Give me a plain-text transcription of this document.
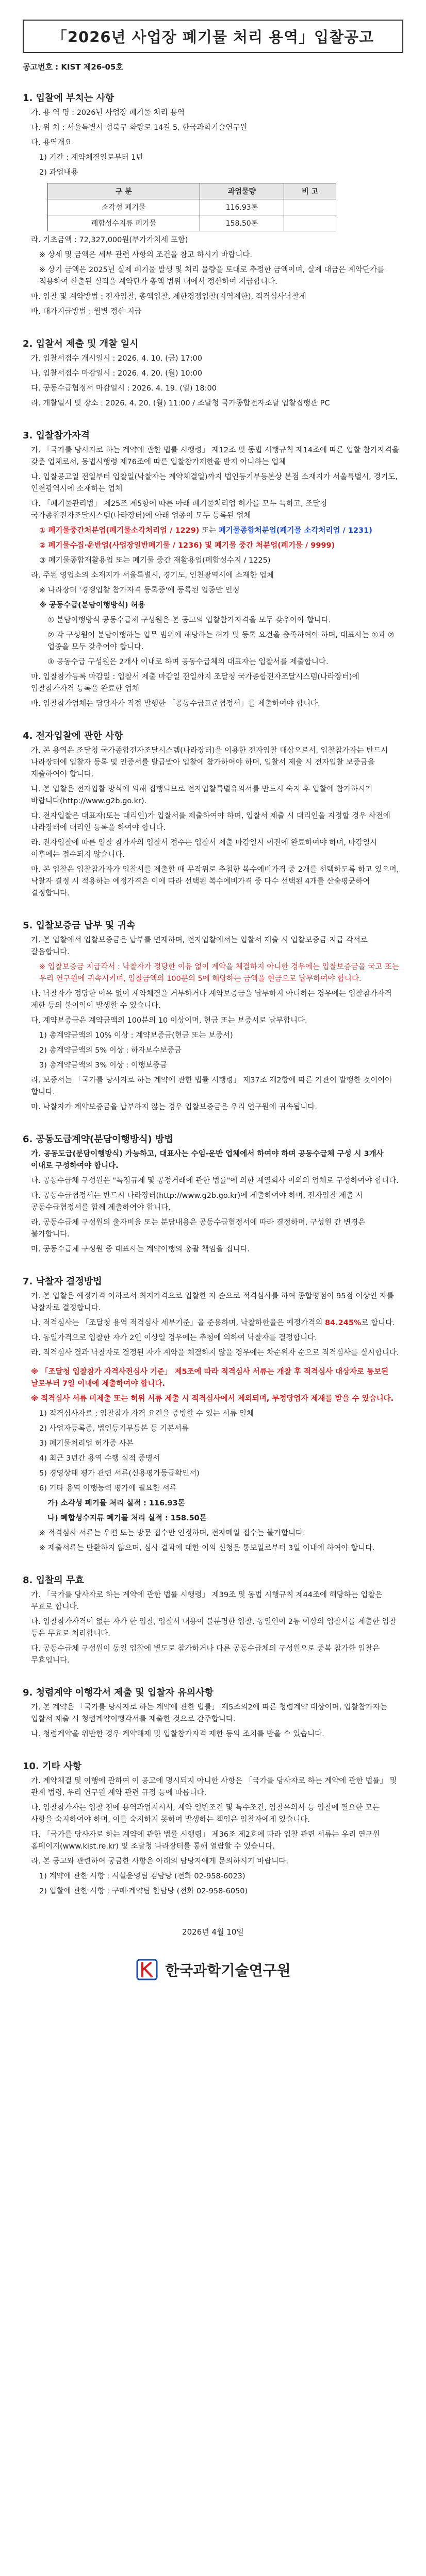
「2026년 사업장 폐기물 처리 용역」입찰공고
공고번호 : KIST 제26-05호
1. 입찰에 부치는 사항

가. 용 역 명 : 2026년 사업장 폐기물 처리 용역

나. 위 치 : 서울특별시 성북구 화랑로 14길 5, 한국과학기술연구원

다. 용역개요

1) 기간 : 계약체결일로부터 1년

2) 과업내용

구 분	과업물량	비 고
소각성 폐기물	116.93톤	
폐합성수지류 폐기물	158.50톤	

라. 기초금액 : 72,327,000원(부가가치세 포함)

※ 상세 및 금액은 세부 관련 사항의 조건을 참고 하시기 바랍니다.

※ 상기 금액은 2025년 실제 폐기물 발생 및 처리 물량을 토대로 추정한 금액이며, 실제 대금은 계약단가를 적용하여 산출된 실적을 계약단가 총액 범위 내에서 정산하여 지급합니다.

마. 입찰 및 계약방법 : 전자입찰, 총액입찰, 제한경쟁입찰(지역제한), 적격심사낙찰제

바. 대가지급방법 : 월별 정산 지급

2. 입찰서 제출 및 개찰 일시

가. 입찰서접수 개시일시 : 2026. 4. 10. (금) 17:00

나. 입찰서접수 마감일시 : 2026. 4. 20. (월) 10:00

다. 공동수급협정서 마감일시 : 2026. 4. 19. (일) 18:00

라. 개찰일시 및 장소 : 2026. 4. 20. (월) 11:00 / 조달청 국가종합전자조달 입찰집행관 PC

3. 입찰참가자격

가. 「국가를 당사자로 하는 계약에 관한 법률 시행령」 제12조 및 동법 시행규칙 제14조에 따른 입찰 참가자격을 갖춘 업체로서, 동법시행령 제76조에 따른 입찰참가제한을 받지 아니하는 업체

나. 입찰공고일 전일부터 입찰일(낙찰자는 계약체결일)까지 법인등기부등본상 본점 소재지가 서울특별시, 경기도, 인천광역시에 소재하는 업체

다. 「폐기물관리법」 제25조 제5항에 따른 아래 폐기물처리업 허가를 모두 득하고, 조달청 국가종합전자조달시스템(나라장터)에 아래 업종이 모두 등록된 업체

① 폐기물중간처분업(폐기물소각처리업 / 1229) 또는 폐기물종합처분업(폐기물 소각처리업 / 1231)

② 폐기물수집·운반업(사업장일반폐기물 / 1236) 및 폐기물 중간 처분업(폐기물 / 9999)

③ 폐기물종합재활용업 또는 폐기물 중간 재활용업(폐합성수지 / 1225)

라. 주된 영업소의 소재지가 서울특별시, 경기도, 인천광역시에 소재한 업체

※ 나라장터 '경쟁입찰 참가자격 등록증'에 등록된 업종만 인정

※ 공동수급(분담이행방식) 허용

① 분담이행방식 공동수급체 구성원은 본 공고의 입찰참가자격을 모두 갖추어야 합니다.

② 각 구성원이 분담이행하는 업무 범위에 해당하는 허가 및 등록 요건을 충족하여야 하며, 대표사는 ①과 ② 업종을 모두 갖추어야 합니다.

③ 공동수급 구성원은 2개사 이내로 하며 공동수급체의 대표자는 입찰서를 제출합니다.

마. 입찰참가등록 마감일 : 입찰서 제출 마감일 전일까지 조달청 국가종합전자조달시스템(나라장터)에 입찰참가자격 등록을 완료한 업체

바. 입찰참가업체는 담당자가 직접 발행한 「공동수급표준협정서」를 제출하여야 합니다.

4. 전자입찰에 관한 사항

가. 본 용역은 조달청 국가종합전자조달시스템(나라장터)을 이용한 전자입찰 대상으로서, 입찰참가자는 반드시 나라장터에 입찰자 등록 및 인증서를 발급받아 입찰에 참가하여야 하며, 입찰서 제출 시 전자입찰 보증금을 제출하여야 합니다.

나. 본 입찰은 전자입찰 방식에 의해 집행되므로 전자입찰특별유의서를 반드시 숙지 후 입찰에 참가하시기 바랍니다(http://www.g2b.go.kr).

다. 전자입찰은 대표자(또는 대리인)가 입찰서를 제출하여야 하며, 입찰서 제출 시 대리인을 지정할 경우 사전에 나라장터에 대리인 등록을 하여야 합니다.

라. 전자입찰에 따른 입찰 참가자의 입찰서 접수는 입찰서 제출 마감일시 이전에 완료하여야 하며, 마감일시 이후에는 접수되지 않습니다.

마. 본 입찰은 입찰참가자가 입찰서를 제출할 때 무작위로 추첨한 복수예비가격 중 2개를 선택하도록 하고 있으며, 낙찰자 결정 시 적용하는 예정가격은 이에 따라 선택된 복수예비가격 중 다수 선택된 4개를 산술평균하여 결정합니다.

5. 입찰보증금 납부 및 귀속

가. 본 입찰에서 입찰보증금은 납부를 면제하며, 전자입찰에서는 입찰서 제출 시 입찰보증금 지급 각서로 갈음합니다.

※ 입찰보증금 지급각서 : 낙찰자가 정당한 이유 없이 계약을 체결하지 아니한 경우에는 입찰보증금을 국고 또는 우리 연구원에 귀속시키며, 입찰금액의 100분의 5에 해당하는 금액을 현금으로 납부하여야 합니다.

나. 낙찰자가 정당한 이유 없이 계약체결을 거부하거나 계약보증금을 납부하지 아니하는 경우에는 입찰참가자격 제한 등의 불이익이 발생할 수 있습니다.

다. 계약보증금은 계약금액의 100분의 10 이상이며, 현금 또는 보증서로 납부합니다.

1) 총계약금액의 10% 이상 : 계약보증금(현금 또는 보증서)

2) 총계약금액의 5% 이상 : 하자보수보증금

3) 총계약금액의 3% 이상 : 이행보증금

라. 보증서는 「국가를 당사자로 하는 계약에 관한 법률 시행령」 제37조 제2항에 따른 기관이 발행한 것이어야 합니다.

마. 낙찰자가 계약보증금을 납부하지 않는 경우 입찰보증금은 우리 연구원에 귀속됩니다.

6. 공동도급계약(분담이행방식) 방법

가. 공동도급(분담이행방식) 가능하고, 대표사는 수임·운반 업체에서 하여야 하며 공동수급체 구성 시 3개사 이내로 구성하여야 합니다.

나. 공동수급체 구성원은 "독점규제 및 공정거래에 관한 법률"에 의한 계열회사 이외의 업체로 구성하여야 합니다.

다. 공동수급협정서는 반드시 나라장터(http://www.g2b.go.kr)에 제출하여야 하며, 전자입찰 제출 시 공동수급협정서를 함께 제출하여야 합니다.

라. 공동수급체 구성원의 출자비율 또는 분담내용은 공동수급협정서에 따라 결정하며, 구성원 간 변경은 불가합니다.

마. 공동수급체 구성원 중 대표사는 계약이행의 총괄 책임을 집니다.

7. 낙찰자 결정방법

가. 본 입찰은 예정가격 이하로서 최저가격으로 입찰한 자 순으로 적격심사를 하여 종합평점이 95점 이상인 자를 낙찰자로 결정합니다.

나. 적격심사는 「조달청 용역 적격심사 세부기준」을 준용하며, 낙찰하한율은 예정가격의 84.245%로 합니다.

다. 동일가격으로 입찰한 자가 2인 이상일 경우에는 추첨에 의하여 낙찰자를 결정합니다.

라. 적격심사 결과 낙찰자로 결정된 자가 계약을 체결하지 않을 경우에는 차순위자 순으로 적격심사를 실시합니다.

※ 「조달청 입찰참가 자격사전심사 기준」 제5조에 따라 적격심사 서류는 개찰 후 적격심사 대상자로 통보된 날로부터 7일 이내에 제출하여야 합니다.

※ 적격심사 서류 미제출 또는 허위 서류 제출 시 적격심사에서 제외되며, 부정당업자 제재를 받을 수 있습니다.

1) 적격심사자료 : 입찰참가 자격 요건을 증빙할 수 있는 서류 일체

2) 사업자등록증, 법인등기부등본 등 기본서류

3) 폐기물처리업 허가증 사본

4) 최근 3년간 용역 수행 실적 증명서

5) 경영상태 평가 관련 서류(신용평가등급확인서)

6) 기타 용역 이행능력 평가에 필요한 서류

가) 소각성 폐기물 처리 실적 : 116.93톤

나) 폐합성수지류 폐기물 처리 실적 : 158.50톤

※ 적격심사 서류는 우편 또는 방문 접수만 인정하며, 전자메일 접수는 불가합니다.

※ 제출서류는 반환하지 않으며, 심사 결과에 대한 이의 신청은 통보일로부터 3일 이내에 하여야 합니다.

8. 입찰의 무효

가. 「국가를 당사자로 하는 계약에 관한 법률 시행령」 제39조 및 동법 시행규칙 제44조에 해당하는 입찰은 무효로 합니다.

나. 입찰참가자격이 없는 자가 한 입찰, 입찰서 내용이 불분명한 입찰, 동일인이 2통 이상의 입찰서를 제출한 입찰 등은 무효로 처리합니다.

다. 공동수급체 구성원이 동일 입찰에 별도로 참가하거나 다른 공동수급체의 구성원으로 중복 참가한 입찰은 무효입니다.

9. 청렴계약 이행각서 제출 및 입찰자 유의사항

가. 본 계약은 「국가를 당사자로 하는 계약에 관한 법률」 제5조의2에 따른 청렴계약 대상이며, 입찰참가자는 입찰서 제출 시 청렴계약이행각서를 제출한 것으로 간주합니다.

나. 청렴계약을 위반한 경우 계약해제 및 입찰참가자격 제한 등의 조치를 받을 수 있습니다.

10. 기타 사항

가. 계약체결 및 이행에 관하여 이 공고에 명시되지 아니한 사항은 「국가를 당사자로 하는 계약에 관한 법률」 및 관계 법령, 우리 연구원 계약 관련 규정 등에 따릅니다.

나. 입찰참가자는 입찰 전에 용역과업지시서, 계약 일반조건 및 특수조건, 입찰유의서 등 입찰에 필요한 모든 사항을 숙지하여야 하며, 이를 숙지하지 못하여 발생하는 책임은 입찰자에게 있습니다.

다. 「국가를 당사자로 하는 계약에 관한 법률 시행령」 제36조 제2호에 따라 입찰 관련 서류는 우리 연구원 홈페이지(www.kist.re.kr) 및 조달청 나라장터를 통해 열람할 수 있습니다.

라. 본 공고와 관련하여 궁금한 사항은 아래의 담당자에게 문의하시기 바랍니다.

1) 계약에 관한 사항 : 시설운영팀 김담당 (전화 02-958-6023)

2) 입찰에 관한 사항 : 구매·계약팀 한담당 (전화 02-958-6050)

2026년 4월 10일
한국과학기술연구원
